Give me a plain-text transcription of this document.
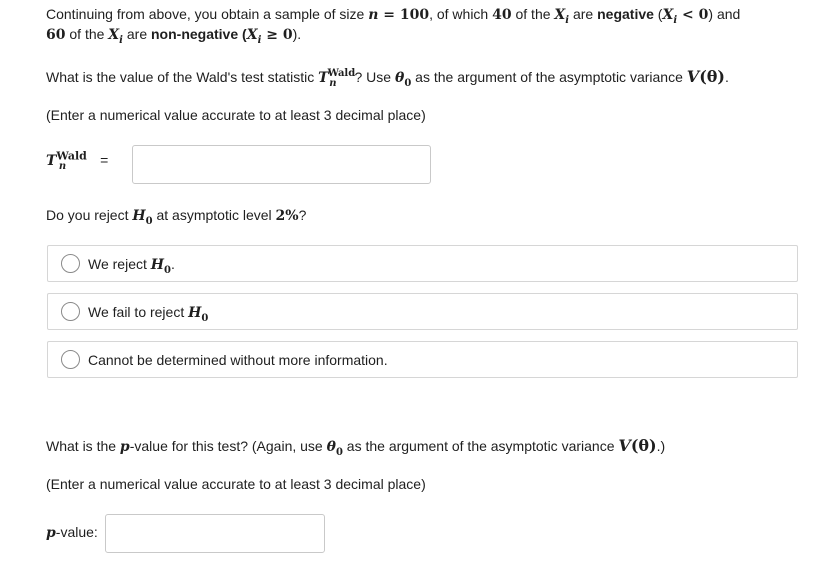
Continuing from above, you obtain a sample of size n = 100, of which 40 of the $X_i$ are negative $(X_i < 0)$ and
60 of the $X_i$ are non-negative $(X_i \ge 0)$.
What is the value of the Wald's test statistic $T^{Wald}_n$ ? Use $\theta_0$ as the argument of the asymptotic variance V(θ).
(Enter a numerical value accurate to at least 3 decimal place)
$T^{Wald}_n$ =
Do you reject $H_0$ at asymptotic level 2%?
We reject $H_0$.
We fail to reject $H_0$
Cannot be determined without more information.
What is the p-value for this test? (Again, use $\theta_0$ as the argument of the asymptotic variance V(θ).)
(Enter a numerical value accurate to at least 3 decimal place)
p-value:
